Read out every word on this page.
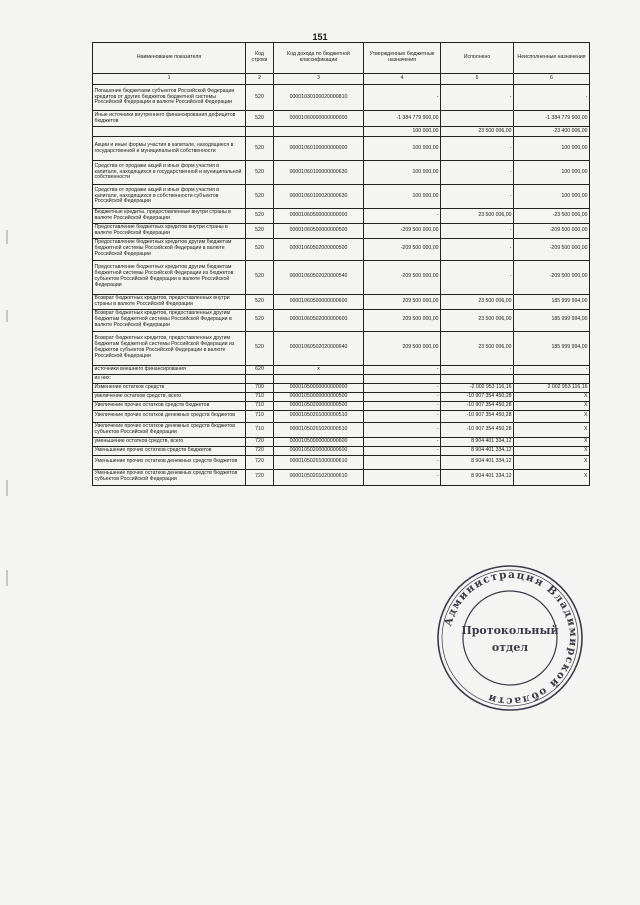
151
Наименование показателя	Код строки	Код дохода по бюджетной классификации	Утвержденные бюджетные назначения	Исполнено	Неисполненные назначения
1	2	3	4	5	6
Погашение бюджетами субъектов Российской Федерации кредитов от других бюджетов бюджетной системы Российской Федерации в валюте Российской Федерации	520	00001030100020000810	-	-	-
Иные источники внутреннего финансирования дефицитов бюджетов	520	00001060000000000000	-1 384 779 900,00		-1 384 779 900,00
			100 000,00	23 500 006,00	-23 400 006,00
Акции и иные формы участия в капитале, находящиеся в государственной и муниципальной собственности	520	00001060100000000000	100 000,00	-	100 000,00
Средства от продажи акций и иных форм участия в капитале, находящихся в государственной и муниципальной собственности	520	00001060100000000630	100 000,00	-	100 000,00
Средства от продажи акций и иных форм участия в капитале, находящихся в собственности субъектов Российской Федерации	520	00001060100020000630	100 000,00	-	100 000,00
Бюджетные кредиты, предоставленные внутри страны в валюте Российской Федерации	520	00001060500000000000	-	23 500 006,00	-23 500 006,00
Предоставление бюджетных кредитов внутри страны в валюте Российской Федерации	520	00001060500000000500	-209 500 000,00	-	-209 500 000,00
Предоставление бюджетных кредитов другим бюджетам бюджетной системы Российской Федерации в валюте Российской Федерации	520	00001060502000000500	-209 500 000,00	-	-209 500 000,00
Предоставление бюджетных кредитов другим бюджетам бюджетной системы Российской Федерации из бюджетов субъектов Российской Федерации в валюте Российской Федерации	520	00001060502020000540	-209 500 000,00	-	-209 500 000,00
Возврат бюджетных кредитов, предоставленных внутри страны в валюте Российской Федерации	520	00001060500000000600	209 500 000,00	23 500 006,00	185 999 994,00
Возврат бюджетных кредитов, предоставленных другим бюджетам бюджетной системы Российской Федерации в валюте Российской Федерации	520	00001060502000000600	209 500 000,00	23 500 006,00	185 999 994,00
Возврат бюджетных кредитов, предоставленных другим бюджетам бюджетной системы Российской Федерации из бюджетов субъектов Российской Федерации в валюте Российской Федерации	520	00001060502020000640	209 500 000,00	23 500 006,00	185 999 994,00
источники внешнего финансирования	620	x	-	-	-
из них:					
Изменение остатков средств	700	00001050000000000000	-	-2 002 953 116,16	2 002 953 116,16
увеличение остатков средств, всего	710	00001050000000000500	-	-10 907 354 450,28	X
Увеличение прочих остатков средств бюджетов	710	00001050200000000500	-	-10 907 354 450,28	X
Увеличение прочих остатков денежных средств бюджетов	710	00001050201000000510	-	-10 907 354 450,28	X
Увеличение прочих остатков денежных средств бюджетов субъектов Российской Федерации	710	00001050201020000510	-	-10 907 354 450,28	X
уменьшение остатков средств, всего	720	00001050000000000600	-	8 904 401 334,12	X
Уменьшение прочих остатков средств бюджетов	720	00001050200000000600	-	8 904 401 334,12	X
Уменьшение прочих остатков денежных средств бюджетов	720	00001050201000000610	-	8 904 401 334,12	X
Уменьшение прочих остатков денежных средств бюджетов субъектов Российской Федерации	720	00001050201020000610	-	8 904 401 334,12	X
Администрация Владимирской области
Протокольный
отдел
